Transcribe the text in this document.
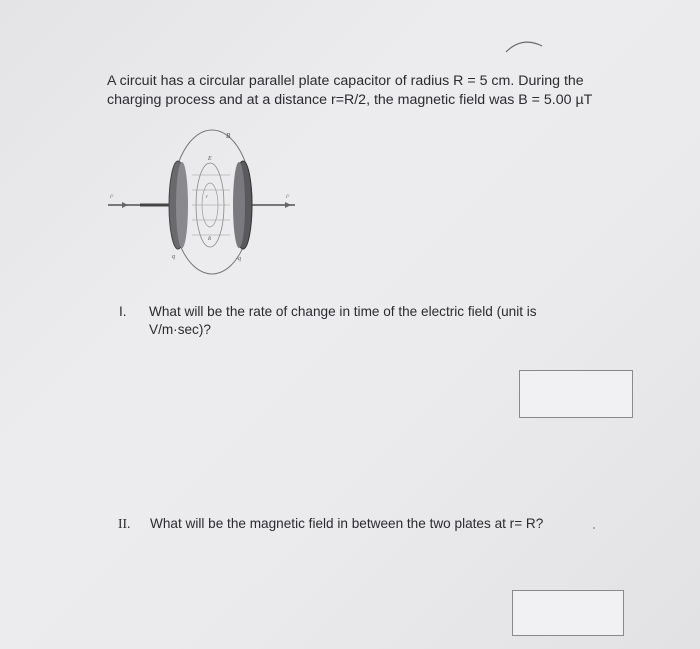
A circuit has a circular parallel plate capacitor of radius R = 5 cm. During the
charging process and at a distance r=R/2, the magnetic field was B = 5.00 µT
B⃗
E⃗
iᶜ	iᶜ
q	-q
r
R
I. What will be the rate of change in time of the electric field (unit is
V/m·sec)?
II. What will be the magnetic field in between the two plates at r= R?
